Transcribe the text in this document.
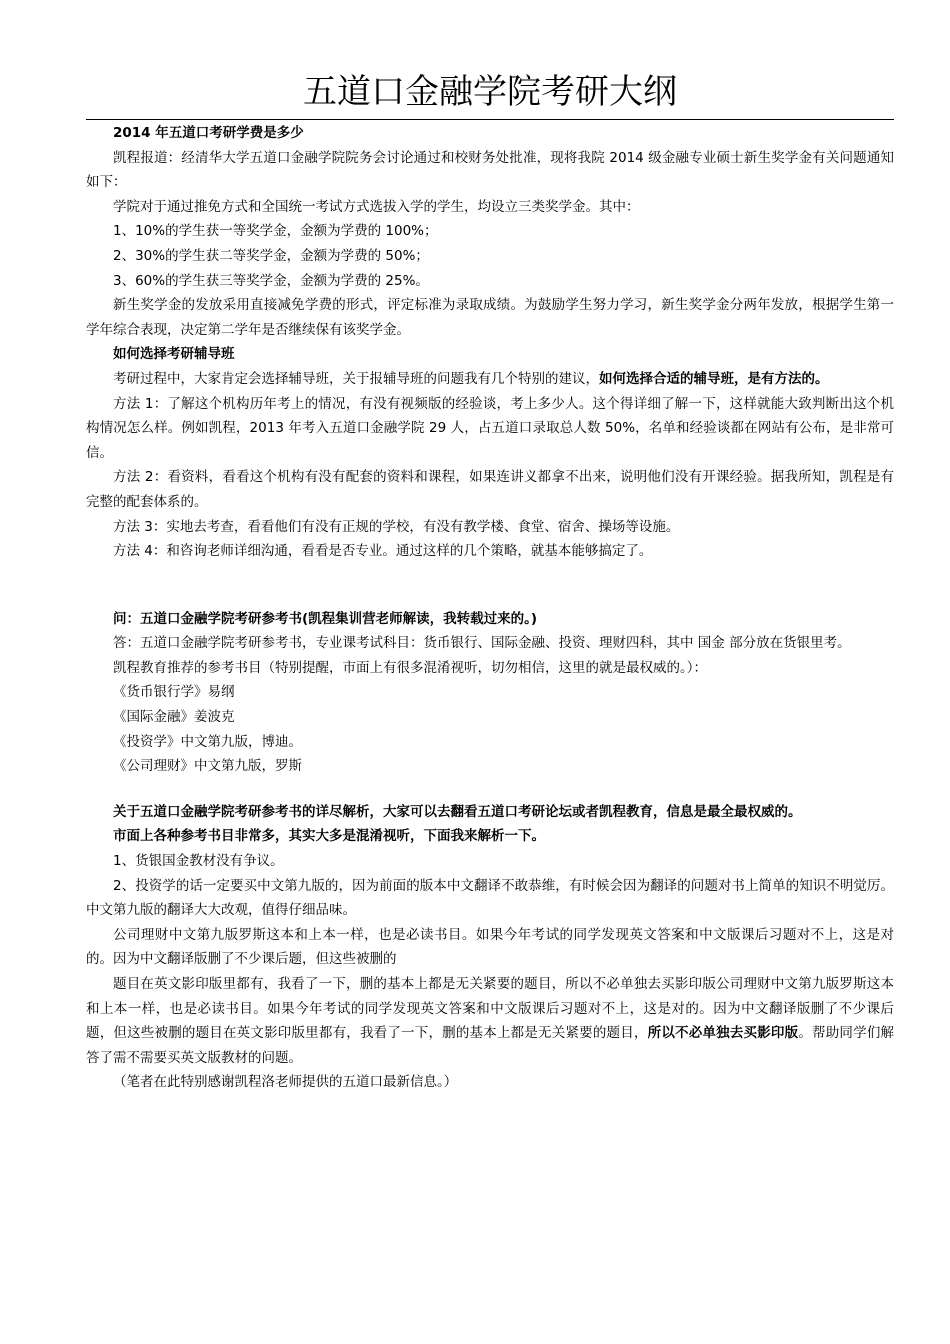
五道口金融学院考研大纲

2014 年五道口考研学费是多少

凯程报道：经清华大学五道口金融学院院务会讨论通过和校财务处批准，现将我院 2014 级金融专业硕士新生奖学金有关问题通知如下：

学院对于通过推免方式和全国统一考试方式选拔入学的学生，均设立三类奖学金。其中：

1、10%的学生获一等奖学金，金额为学费的 100%；

2、30%的学生获二等奖学金，金额为学费的 50%；

3、60%的学生获三等奖学金，金额为学费的 25%。

新生奖学金的发放采用直接减免学费的形式，评定标准为录取成绩。为鼓励学生努力学习，新生奖学金分两年发放，根据学生第一学年综合表现，决定第二学年是否继续保有该奖学金。

如何选择考研辅导班

考研过程中，大家肯定会选择辅导班，关于报辅导班的问题我有几个特别的建议，如何选择合适的辅导班，是有方法的。

方法 1：了解这个机构历年考上的情况，有没有视频版的经验谈，考上多少人。这个得详细了解一下，这样就能大致判断出这个机构情况怎么样。例如凯程，2013 年考入五道口金融学院 29 人，占五道口录取总人数 50%，名单和经验谈都在网站有公布，是非常可信。

方法 2：看资料，看看这个机构有没有配套的资料和课程，如果连讲义都拿不出来，说明他们没有开课经验。据我所知，凯程是有完整的配套体系的。

方法 3：实地去考查，看看他们有没有正规的学校，有没有教学楼、食堂、宿舍、操场等设施。

方法 4：和咨询老师详细沟通，看看是否专业。通过这样的几个策略，就基本能够搞定了。

问：五道口金融学院考研参考书(凯程集训营老师解读，我转载过来的。)

答：五道口金融学院考研参考书，专业课考试科目：货币银行、国际金融、投资、理财四科，其中 国金 部分放在货银里考。

凯程教育推荐的参考书目（特别提醒，市面上有很多混淆视听，切勿相信，这里的就是最权威的。）：

《货币银行学》易纲

《国际金融》姜波克

《投资学》中文第九版，博迪。

《公司理财》中文第九版，罗斯

关于五道口金融学院考研参考书的详尽解析，大家可以去翻看五道口考研论坛或者凯程教育，信息是最全最权威的。

市面上各种参考书目非常多，其实大多是混淆视听，下面我来解析一下。

1、货银国金教材没有争议。

2、投资学的话一定要买中文第九版的，因为前面的版本中文翻译不敢恭维，有时候会因为翻译的问题对书上简单的知识不明觉厉。中文第九版的翻译大大改观，值得仔细品味。

公司理财中文第九版罗斯这本和上本一样，也是必读书目。如果今年考试的同学发现英文答案和中文版课后习题对不上，这是对的。因为中文翻译版删了不少课后题，但这些被删的

题目在英文影印版里都有，我看了一下，删的基本上都是无关紧要的题目，所以不必单独去买影印版公司理财中文第九版罗斯这本和上本一样，也是必读书目。如果今年考试的同学发现英文答案和中文版课后习题对不上，这是对的。因为中文翻译版删了不少课后题，但这些被删的题目在英文影印版里都有，我看了一下，删的基本上都是无关紧要的题目，所以不必单独去买影印版。帮助同学们解答了需不需要买英文版教材的问题。

（笔者在此特别感谢凯程洛老师提供的五道口最新信息。）
